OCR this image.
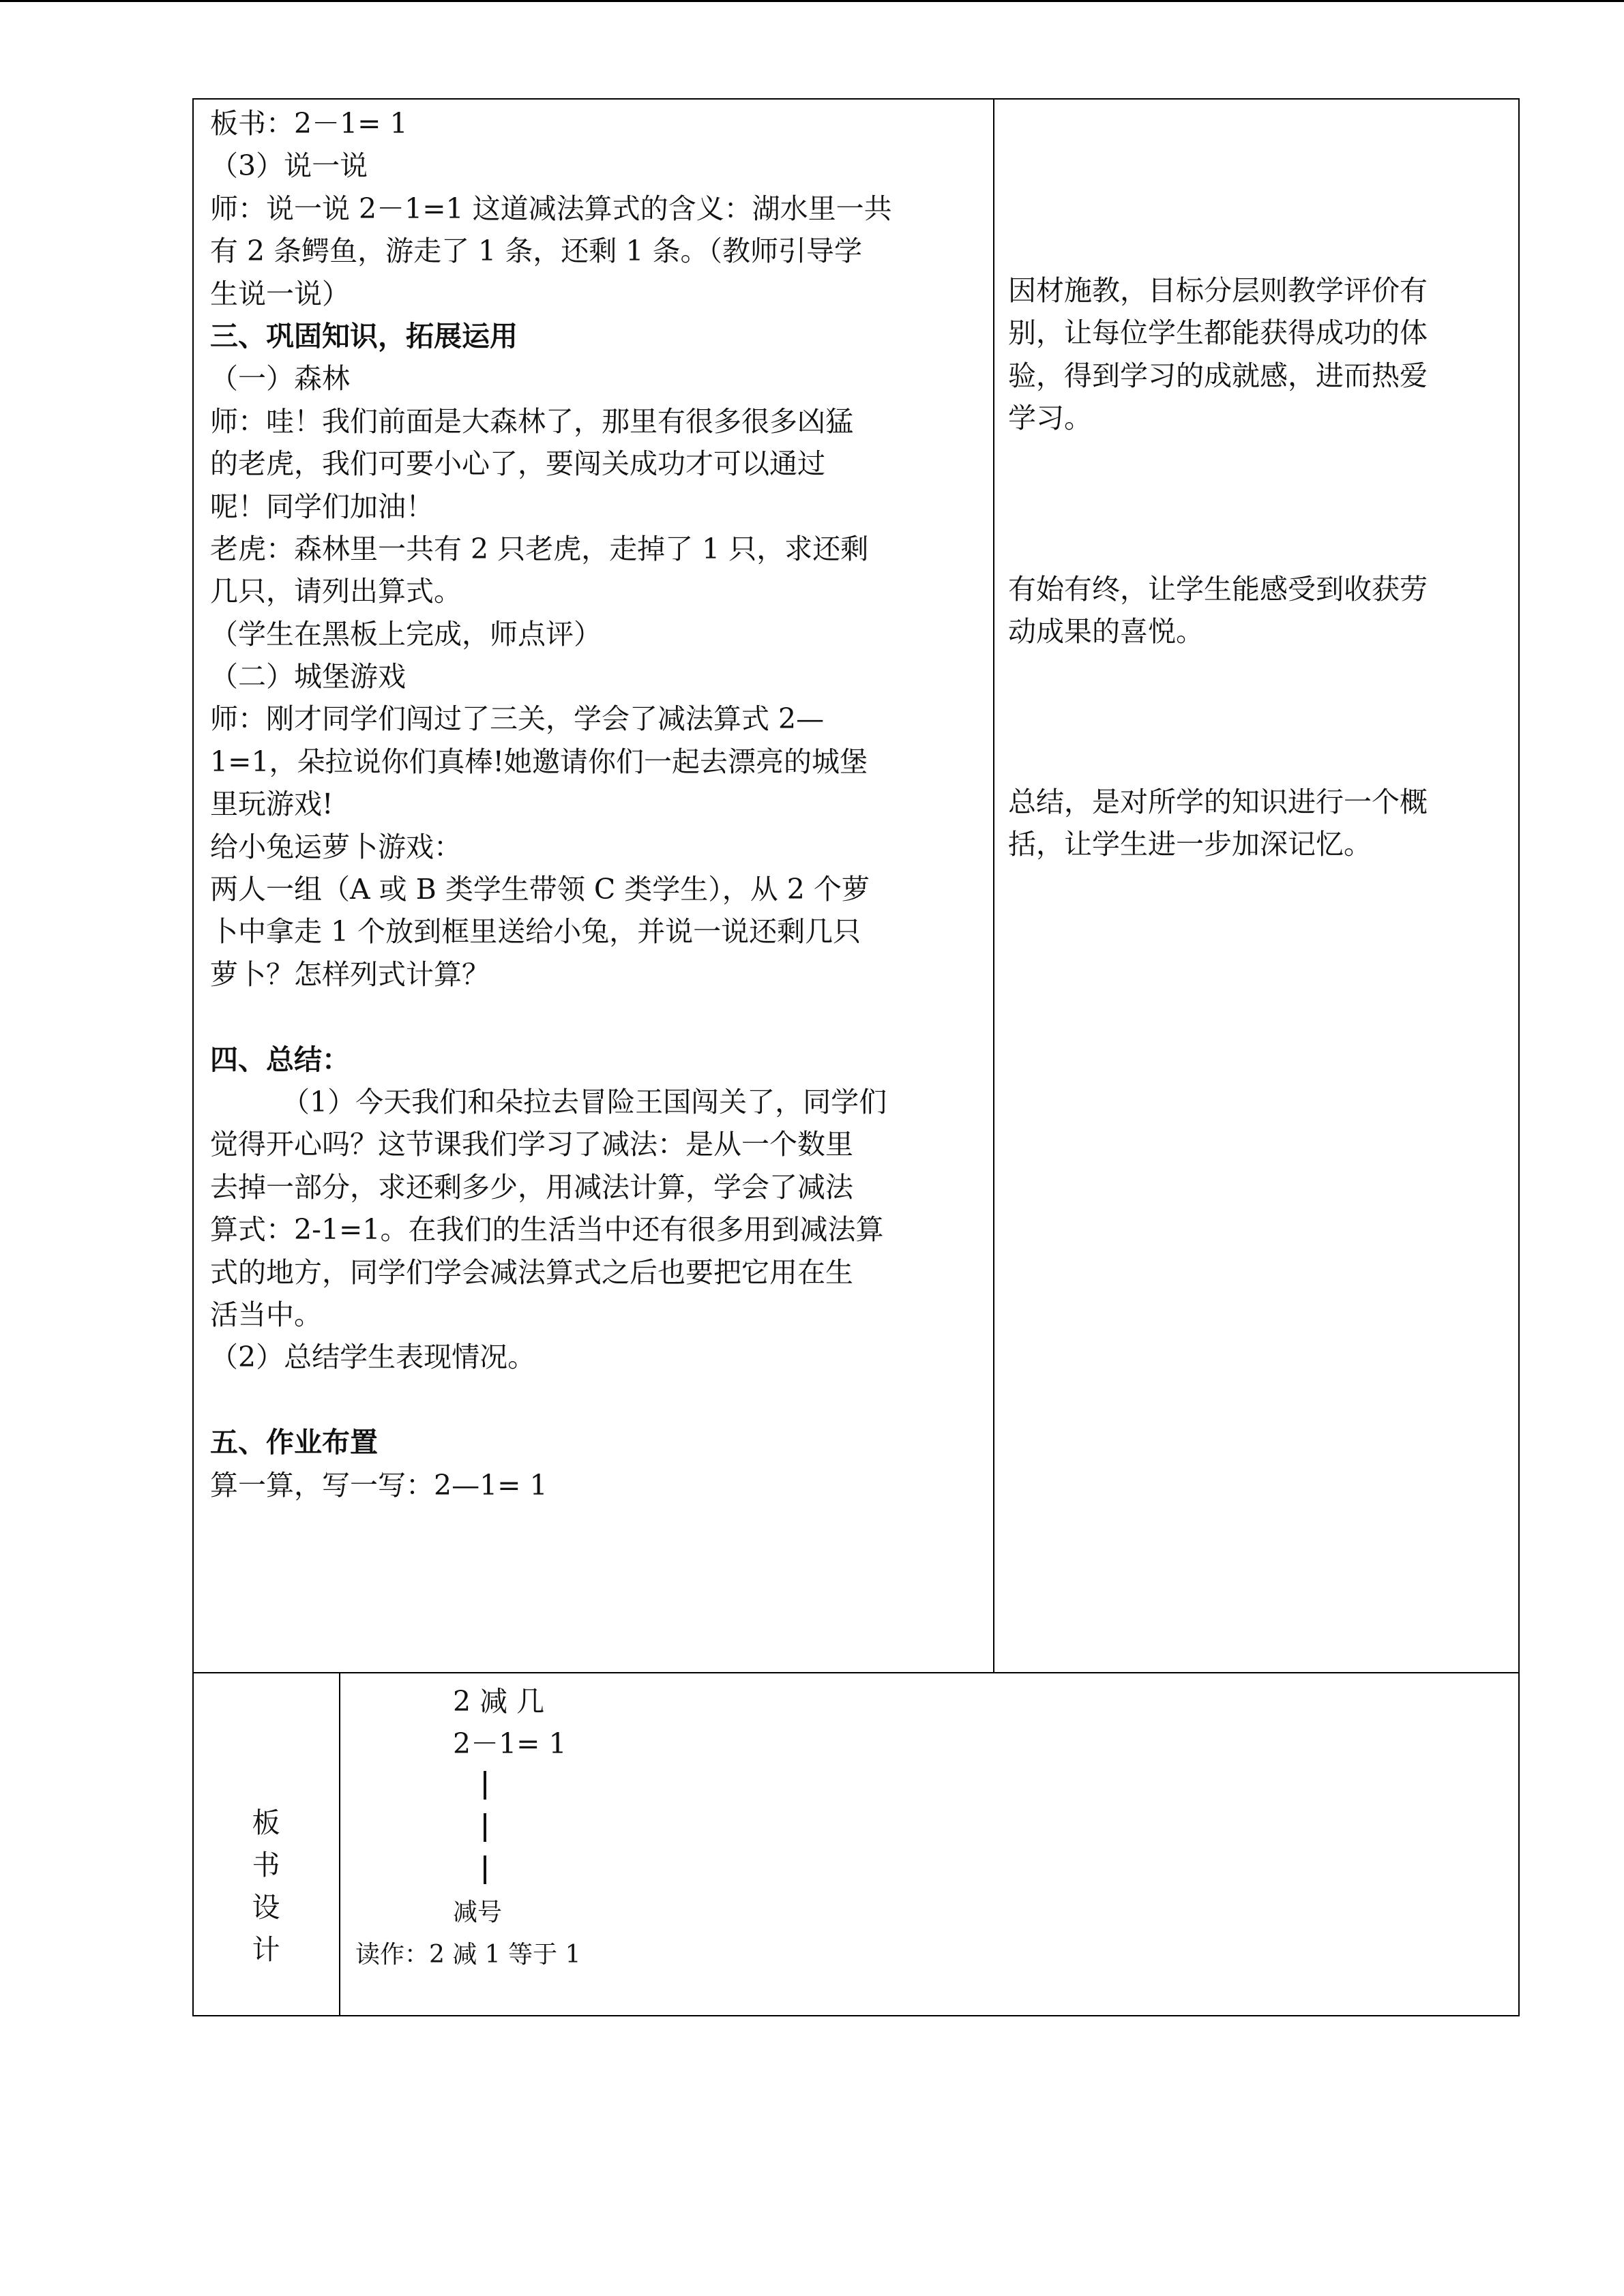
板书：2－1= 1
（3）说一说
师：说一说 2－1=1 这道减法算式的含义：湖水里一共
有 2 条鳄鱼，游走了 1 条，还剩 1 条。（教师引导学
生说一说）
三、巩固知识，拓展运用
（一）森林
师：哇！我们前面是大森林了，那里有很多很多凶猛
的老虎，我们可要小心了，要闯关成功才可以通过
呢！同学们加油！
老虎：森林里一共有 2 只老虎，走掉了 1 只，求还剩
几只，请列出算式。
（学生在黑板上完成，师点评）
（二）城堡游戏
师：刚才同学们闯过了三关，学会了减法算式 2—
1=1，朵拉说你们真棒!她邀请你们一起去漂亮的城堡
里玩游戏!
给小兔运萝卜游戏：
两人一组（A 或 B 类学生带领 C 类学生），从 2 个萝
卜中拿走 1 个放到框里送给小兔，并说一说还剩几只
萝卜？怎样列式计算？
四、总结：
（1）今天我们和朵拉去冒险王国闯关了，同学们
觉得开心吗？这节课我们学习了减法：是从一个数里
去掉一部分，求还剩多少，用减法计算，学会了减法
算式：2-1=1。在我们的生活当中还有很多用到减法算
式的地方，同学们学会减法算式之后也要把它用在生
活当中。
（2）总结学生表现情况。
五、作业布置
算一算，写一写：2—1= 1
因材施教，目标分层则教学评价有
别，让每位学生都能获得成功的体
验，得到学习的成就感，进而热爱
学习。
有始有终，让学生能感受到收获劳
动成果的喜悦。
总结，是对所学的知识进行一个概
括，让学生进一步加深记忆。
板
书
设
计
2 减 几
2－1= 1
减号
读作：2 减 1 等于 1
